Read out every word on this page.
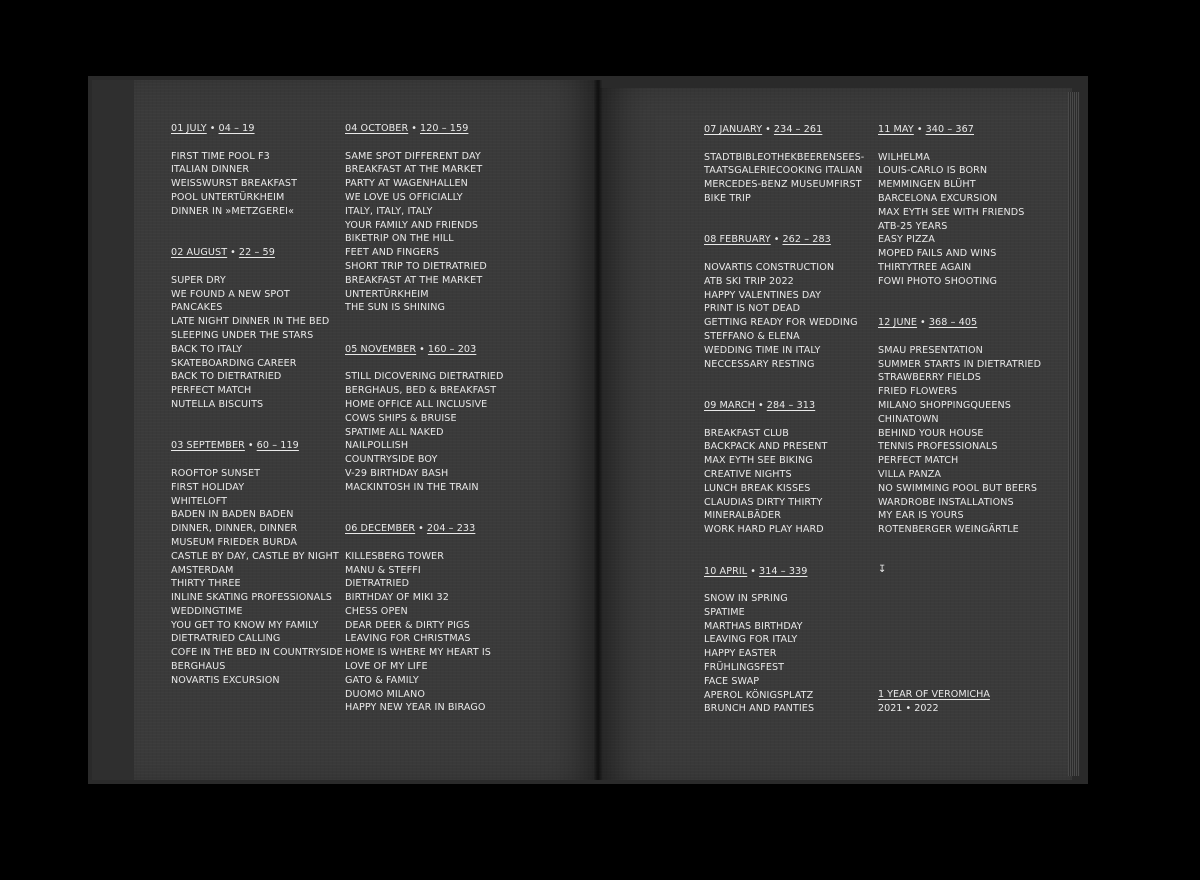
01 JULY • 04 – 19
FIRST TIME POOL F3
ITALIAN DINNER
WEISSWURST BREAKFAST
POOL UNTERTÜRKHEIM
DINNER IN »METZGEREI«
02 AUGUST • 22 – 59
SUPER DRY
WE FOUND A NEW SPOT
PANCAKES
LATE NIGHT DINNER IN THE BED
SLEEPING UNDER THE STARS
BACK TO ITALY
SKATEBOARDING CAREER
BACK TO DIETRATRIED
PERFECT MATCH
NUTELLA BISCUITS
03 SEPTEMBER • 60 – 119
ROOFTOP SUNSET
FIRST HOLIDAY
WHITELOFT
BADEN IN BADEN BADEN
DINNER, DINNER, DINNER
MUSEUM FRIEDER BURDA
CASTLE BY DAY, CASTLE BY NIGHT
AMSTERDAM
THIRTY THREE
INLINE SKATING PROFESSIONALS
WEDDINGTIME
YOU GET TO KNOW MY FAMILY
DIETRATRIED CALLING
COFE IN THE BED IN COUNTRYSIDE
BERGHAUS
NOVARTIS EXCURSION
04 OCTOBER • 120 – 159
SAME SPOT DIFFERENT DAY
BREAKFAST AT THE MARKET
PARTY AT WAGENHALLEN
WE LOVE US OFFICIALLY
ITALY, ITALY, ITALY
YOUR FAMILY AND FRIENDS
BIKETRIP ON THE HILL
FEET AND FINGERS
SHORT TRIP TO DIETRATRIED
BREAKFAST AT THE MARKET
UNTERTÜRKHEIM
THE SUN IS SHINING
05 NOVEMBER • 160 – 203
STILL DICOVERING DIETRATRIED
BERGHAUS, BED & BREAKFAST
HOME OFFICE ALL INCLUSIVE
COWS SHIPS & BRUISE
SPATIME ALL NAKED
NAILPOLLISH
COUNTRYSIDE BOY
V-29 BIRTHDAY BASH
MACKINTOSH IN THE TRAIN
06 DECEMBER • 204 – 233
KILLESBERG TOWER
MANU & STEFFI
DIETRATRIED
BIRTHDAY OF MIKI 32
CHESS OPEN
DEAR DEER & DIRTY PIGS
LEAVING FOR CHRISTMAS
HOME IS WHERE MY HEART IS
LOVE OF MY LIFE
GATO & FAMILY
DUOMO MILANO
HAPPY NEW YEAR IN BIRAGO
07 JANUARY • 234 – 261
STADTBIBLEOTHEKBEERENSEES-
TAATSGALERIECOOKING ITALIAN
MERCEDES-BENZ MUSEUMFIRST
BIKE TRIP
08 FEBRUARY • 262 – 283
NOVARTIS CONSTRUCTION
ATB SKI TRIP 2022
HAPPY VALENTINES DAY
PRINT IS NOT DEAD
GETTING READY FOR WEDDING
STEFFANO & ELENA
WEDDING TIME IN ITALY
NECCESSARY RESTING
09 MARCH • 284 – 313
BREAKFAST CLUB
BACKPACK AND PRESENT
MAX EYTH SEE BIKING
CREATIVE NIGHTS
LUNCH BREAK KISSES
CLAUDIAS DIRTY THIRTY
MINERALBÄDER
WORK HARD PLAY HARD
10 APRIL • 314 – 339
SNOW IN SPRING
SPATIME
MARTHAS BIRTHDAY
LEAVING FOR ITALY
HAPPY EASTER
FRÜHLINGSFEST
FACE SWAP
APEROL KÖNIGSPLATZ
BRUNCH AND PANTIES
11 MAY • 340 – 367
WILHELMA
LOUIS-CARLO IS BORN
MEMMINGEN BLÜHT
BARCELONA EXCURSION
MAX EYTH SEE WITH FRIENDS
ATB-25 YEARS
EASY PIZZA
MOPED FAILS AND WINS
THIRTYTREE AGAIN
FOWI PHOTO SHOOTING
12 JUNE • 368 – 405
SMAU PRESENTATION
SUMMER STARTS IN DIETRATRIED
STRAWBERRY FIELDS
FRIED FLOWERS
MILANO SHOPPINGQUEENS
CHINATOWN
BEHIND YOUR HOUSE
TENNIS PROFESSIONALS
PERFECT MATCH
VILLA PANZA
NO SWIMMING POOL BUT BEERS
WARDROBE INSTALLATIONS
MY EAR IS YOURS
ROTENBERGER WEINGÄRTLE
↧
1 YEAR OF VEROMICHA
2021 • 2022
